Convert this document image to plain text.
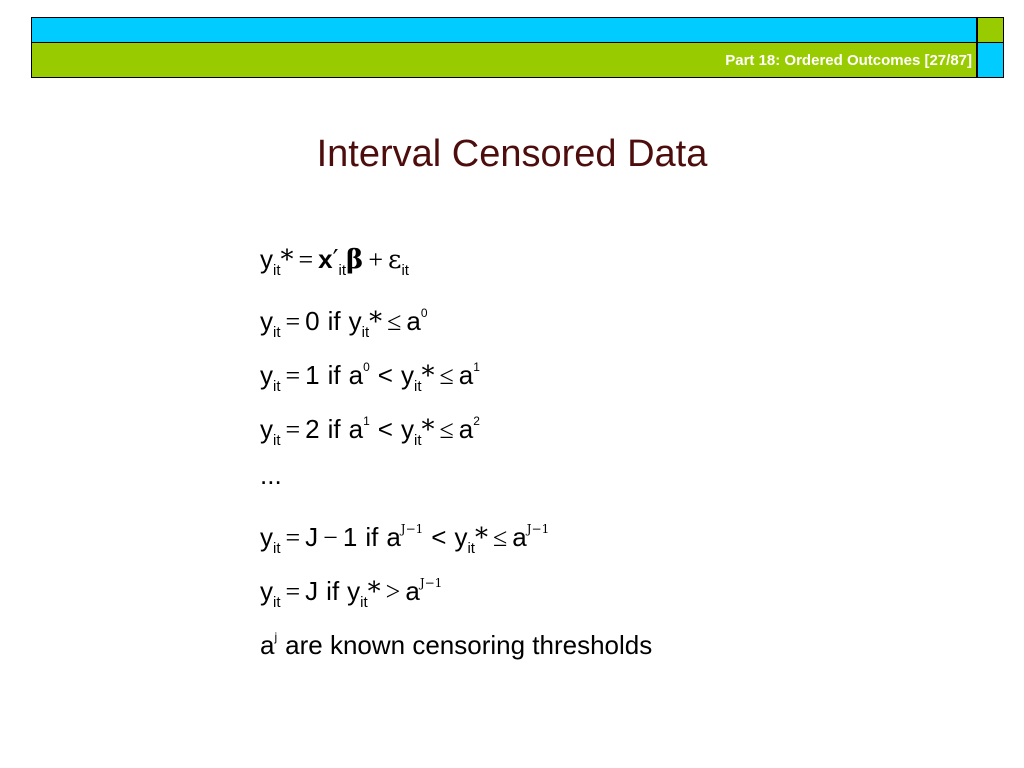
Part 18: Ordered Outcomes [27/87]
Interval Censored Data
$y_{it}* = x'_{it}\beta + \varepsilon_{it}$
$y_{it} = 0$ if $y_{it}* \le a^0$
$y_{it} = 1$ if $a^0 < y_{it}* \le a^1$
$y_{it} = 2$ if $a^1 < y_{it}* \le a^2$
...
$y_{it} = J - 1$ if $a^{J-1} < y_{it}* \le a^{J-1}$
$y_{it} = J$ if $y_{it}* > a^{J-1}$
$a^j$ are known censoring thresholds
